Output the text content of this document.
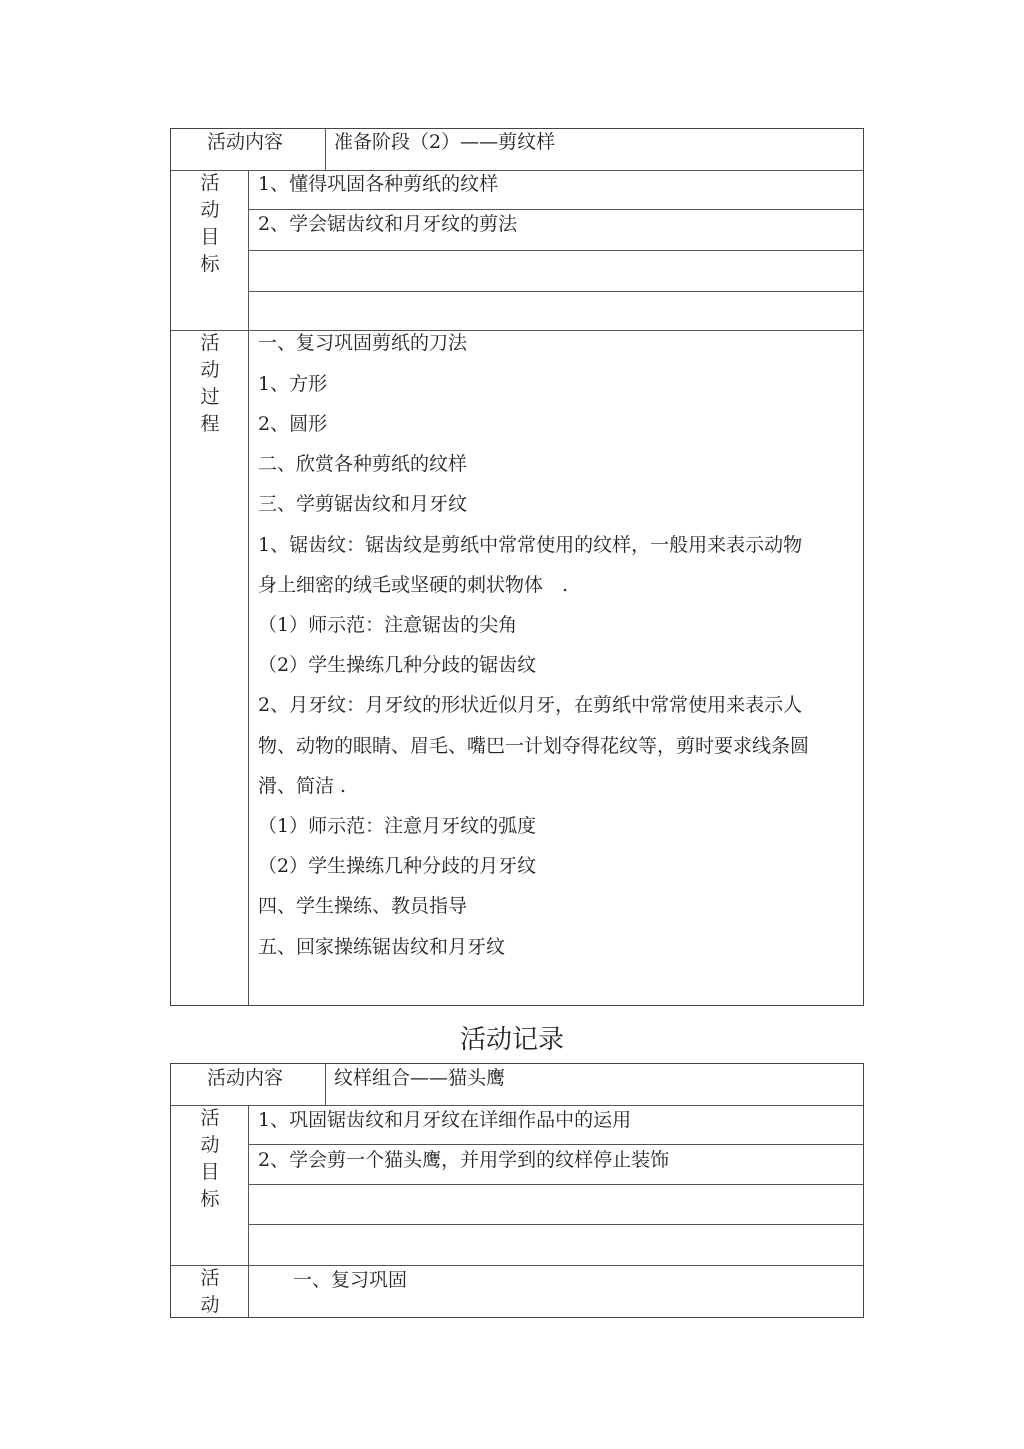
活动内容	准备阶段（2）——剪纹样
活
动
目
标
1、懂得巩固各种剪纸的纹样
2、学会锯齿纹和月牙纹的剪法
活
动
过
程
一、复习巩固剪纸的刀法
1、方形
2、圆形
二、欣赏各种剪纸的纹样
三、学剪锯齿纹和月牙纹
1、锯齿纹：锯齿纹是剪纸中常常使用的纹样，一般用来表示动物
身上细密的绒毛或坚硬的刺状物体　.
（1）师示范：注意锯齿的尖角
（2）学生操练几种分歧的锯齿纹
2、月牙纹：月牙纹的形状近似月牙，在剪纸中常常使用来表示人
物、动物的眼睛、眉毛、嘴巴一计划夺得花纹等，剪时要求线条圆
滑、简洁 .
（1）师示范：注意月牙纹的弧度
（2）学生操练几种分歧的月牙纹
四、学生操练、教员指导
五、回家操练锯齿纹和月牙纹
活动记录
活动内容	纹样组合——猫头鹰
活
动
目
标
1、巩固锯齿纹和月牙纹在详细作品中的运用
2、学会剪一个猫头鹰，并用学到的纹样停止装饰
活
动
一、复习巩固
